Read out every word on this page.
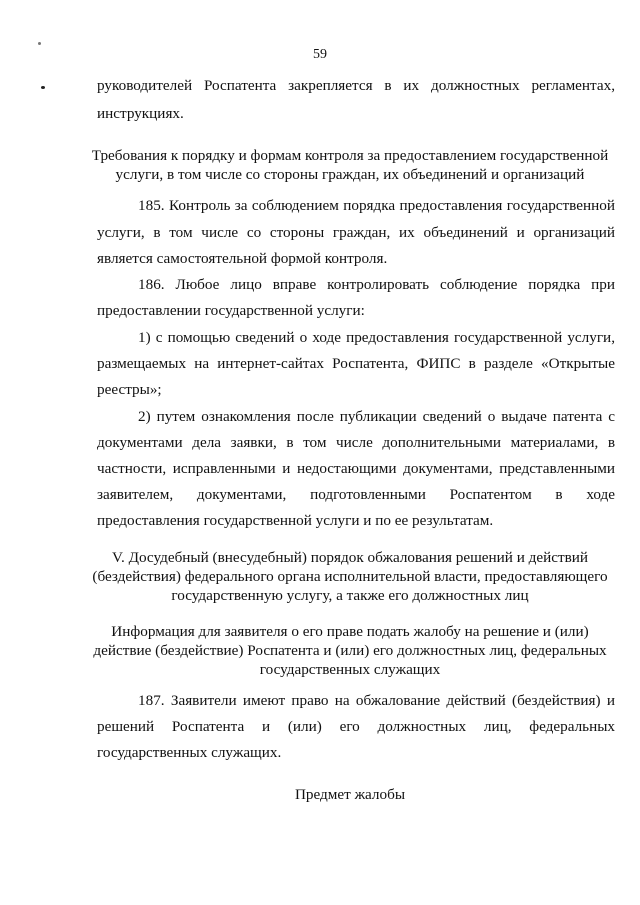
59
руководителей Роспатента закрепляется в их должностных регламентах,
инструкциях.
Требования к порядку и формам контроля за предоставлением государственной
услуги, в том числе со стороны граждан, их объединений и организаций
185. Контроль за соблюдением порядка предоставления государственной
услуги, в том числе со стороны граждан, их объединений и организаций
является самостоятельной формой контроля.
186. Любое лицо вправе контролировать соблюдение порядка при
предоставлении государственной услуги:
1) с помощью сведений о ходе предоставления государственной услуги,
размещаемых на интернет-сайтах Роспатента, ФИПС в разделе «Открытые
реестры»;
2) путем ознакомления после публикации сведений о выдаче патента с
документами дела заявки, в том числе дополнительными материалами, в
частности, исправленными и недостающими документами, представленными
заявителем, документами, подготовленными Роспатентом в ходе
предоставления государственной услуги и по ее результатам.
V. Досудебный (внесудебный) порядок обжалования решений и действий
(бездействия) федерального органа исполнительной власти, предоставляющего
государственную услугу, а также его должностных лиц
Информация для заявителя о его праве подать жалобу на решение и (или)
действие (бездействие) Роспатента и (или) его должностных лиц, федеральных
государственных служащих
187. Заявители имеют право на обжалование действий (бездействия) и
решений Роспатента и (или) его должностных лиц, федеральных
государственных служащих.
Предмет жалобы
